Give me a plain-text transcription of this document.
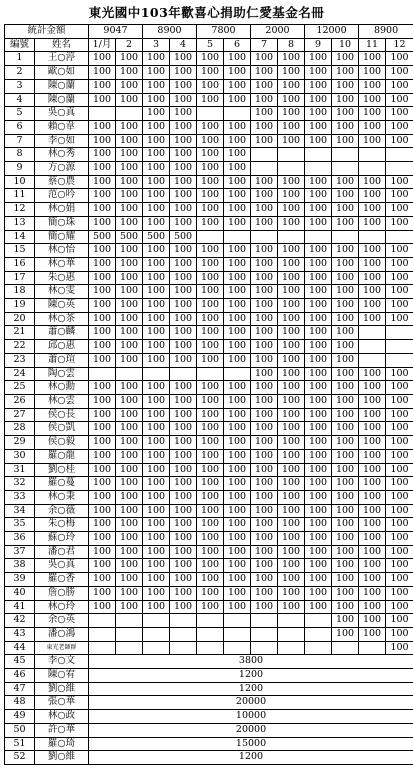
東光國中103年歡喜心捐助仁愛基金名冊
統計金額		9047		8900		7800		2000		12000		8900	
編號	姓名	1/月	2	3	4	5	6	7	8	9	10	11	12
1	王○渟	100	100	100	100	100	100	100	100	100	100	100	100
2	歐○如	100	100	100	100	100	100	100	100	100	100	100	100
3	陳○蘭	100	100	100	100	100	100	100	100	100	100	100	100
4	陳○蘭	100	100	100	100	100	100	100	100	100	100	100	100
5	吳○真			100	100			100	100	100	100	100	100
6	賴○韋	100	100	100	100	100	100	100	100	100	100	100	100
7	李○如	100	100	100	100	100	100	100	100	100	100	100	100
8	林○秀	100	100	100	100	100	100						
9	方○源	100	100	100	100	100	100						
10	蔡○農	100	100	100	100	100	100	100	100	100	100	100	100
11	范○吟	100	100	100	100	100	100	100	100	100	100	100	100
12	林○娟	100	100	100	100	100	100	100	100	100	100	100	100
13	簡○珠	100	100	100	100	100	100	100	100	100	100	100	100
14	簡○耀	500	500	500	500								
15	林○怡	100	100	100	100	100	100	100	100	100	100	100	100
16	林○華	100	100	100	100	100	100	100	100	100	100	100	100
17	朱○惠	100	100	100	100	100	100	100	100	100	100	100	100
18	林○雯	100	100	100	100	100	100	100	100	100	100	100	100
19	陳○英	100	100	100	100	100	100	100	100	100	100	100	100
20	林○茶	100	100	100	100	100	100	100	100	100	100	100	100
21	蕭○麟	100	100	100	100	100	100	100	100	100	100		
22	邱○惠	100	100	100	100	100	100	100	100	100	100		
23	蕭○瑄	100	100	100	100	100	100	100	100	100	100		
24	陶○雲							100	100	100	100	100	100
25	林○勳	100	100	100	100	100	100	100	100	100	100	100	100
26	林○雲	100	100	100	100	100	100	100	100	100	100	100	100
27	侯○長	100	100	100	100	100	100	100	100	100	100	100	100
28	侯○凱	100	100	100	100	100	100	100	100	100	100	100	100
29	侯○毅	100	100	100	100	100	100	100	100	100	100	100	100
30	羅○龍	100	100	100	100	100	100	100	100	100	100	100	100
31	劉○桂	100	100	100	100	100	100	100	100	100	100	100	100
32	羅○蔓	100	100	100	100	100	100	100	100	100	100	100	100
33	林○秉	100	100	100	100	100	100	100	100	100	100	100	100
34	余○薇	100	100	100	100	100	100	100	100	100	100	100	100
35	朱○梅	100	100	100	100	100	100	100	100	100	100	100	100
36	蘇○玲	100	100	100	100	100	100	100	100	100	100	100	100
37	潘○君	100	100	100	100	100	100	100	100	100	100	100	100
38	吳○真	100	100	100	100	100	100	100	100	100	100	100	100
39	羅○香	100	100	100	100	100	100	100	100	100	100	100	100
40	詹○勝	100	100	100	100	100	100	100	100	100	100	100	100
41	林○玲	100	100	100	100	100	100	100	100	100	100	100	100
42	余○英										100	100	100
43	潘○鴻										100	100	100
44	東光老師群												100
45	李○文	3800											
46	陳○宥	1200											
47	劉○維	1200											
48	張○華	20000											
49	林○政	10000											
50	許○華	20000											
51	羅○琦	15000											
52	劉○維	1200											
